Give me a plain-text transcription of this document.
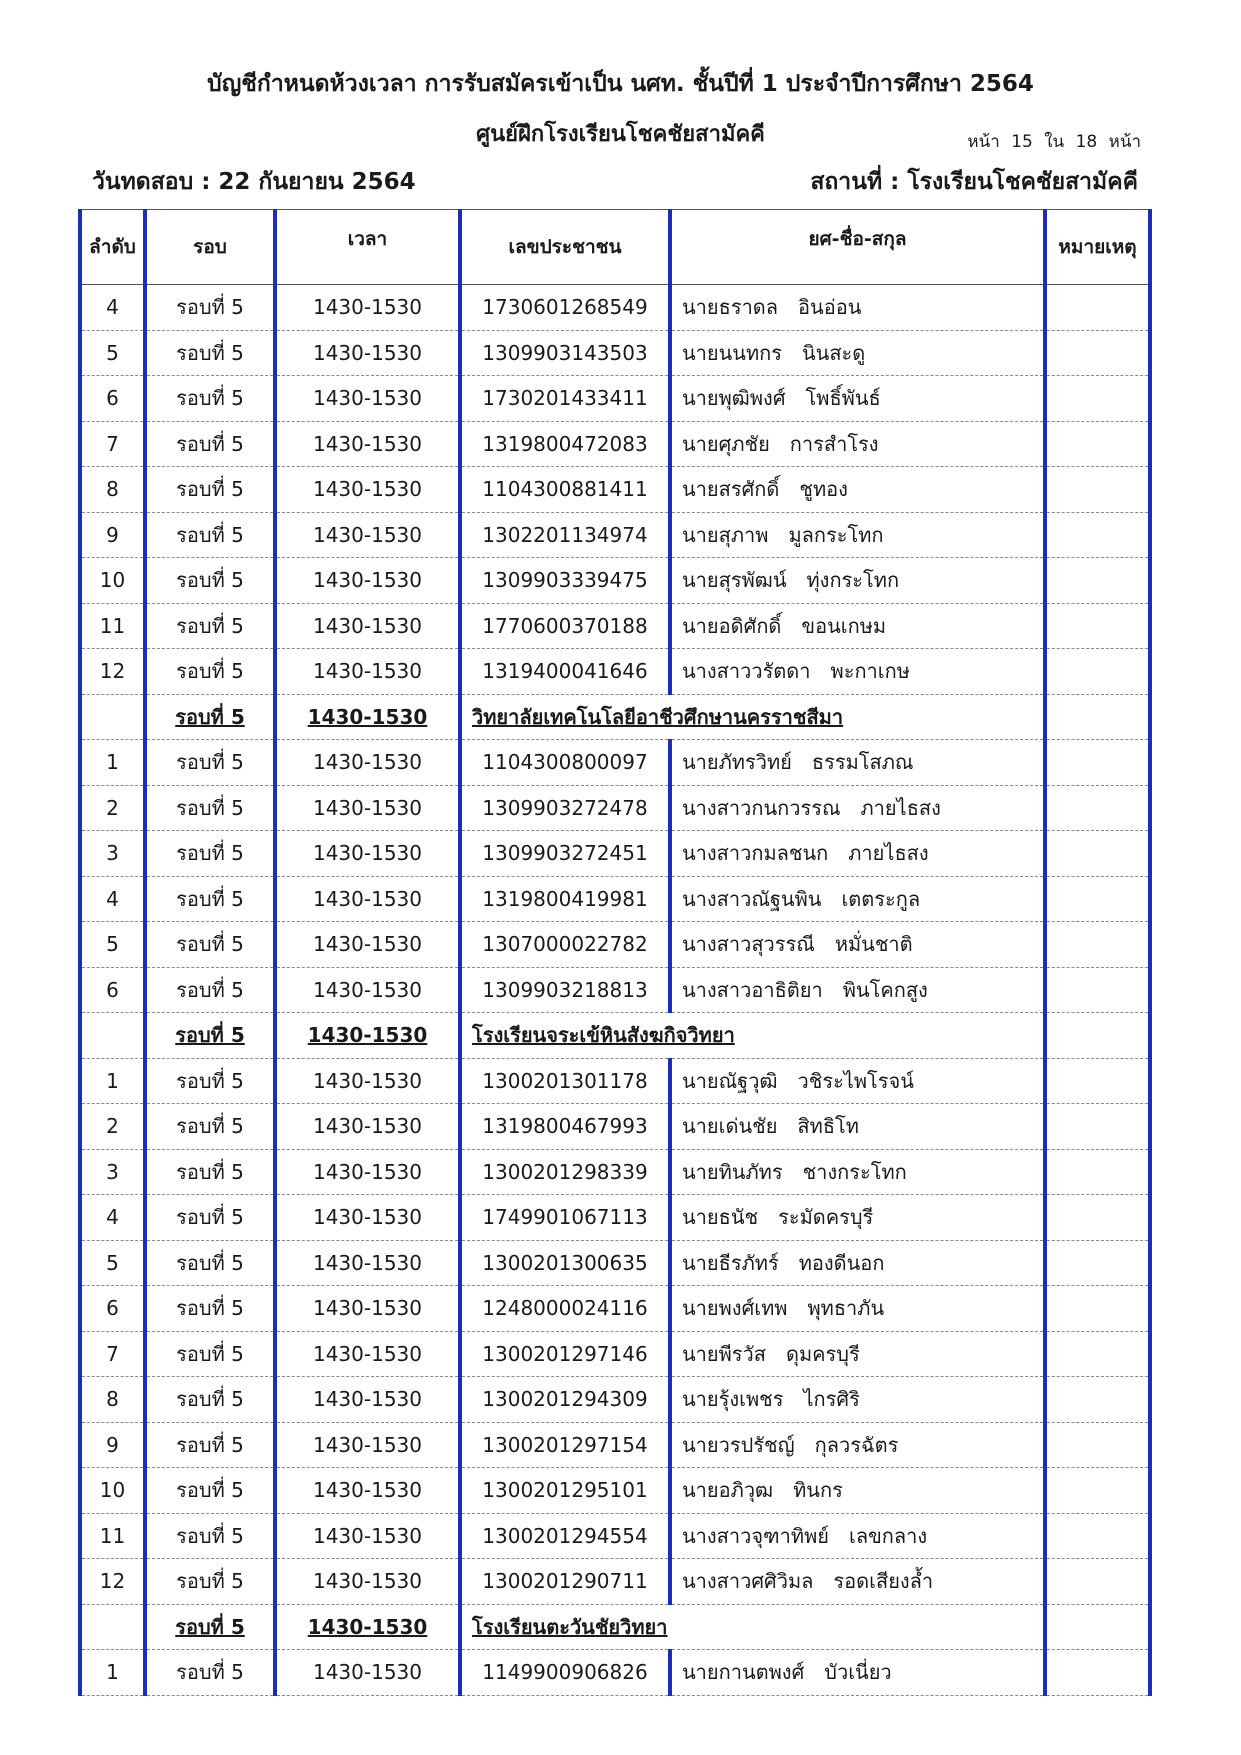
บัญชีกำหนดห้วงเวลา การรับสมัครเข้าเป็น นศท. ชั้นปีที่ 1 ประจำปีการศึกษา 2564
ศูนย์ฝึกโรงเรียนโชคชัยสามัคคี	หน้า 15 ใน 18 หน้า
วันทดสอบ : 22 กันยายน 2564	สถานที่ : โรงเรียนโชคชัยสามัคคี
ลำดับ	รอบ	เวลา	เลขประชาชน	ยศ-ชื่อ-สกุล	หมายเหตุ
4	รอบที่ 5	1430-1530	1730601268549	นายธราดล อินอ่อน	
5	รอบที่ 5	1430-1530	1309903143503	นายนนทกร นินสะดู	
6	รอบที่ 5	1430-1530	1730201433411	นายพุฒิพงศ์ โพธิ์พันธ์	
7	รอบที่ 5	1430-1530	1319800472083	นายศุภชัย การสำโรง	
8	รอบที่ 5	1430-1530	1104300881411	นายสรศักดิ์ ชูทอง	
9	รอบที่ 5	1430-1530	1302201134974	นายสุภาพ มูลกระโทก	
10	รอบที่ 5	1430-1530	1309903339475	นายสุรพัฒน์ ทุ่งกระโทก	
11	รอบที่ 5	1430-1530	1770600370188	นายอดิศักดิ์ ขอนเกษม	
12	รอบที่ 5	1430-1530	1319400041646	นางสาววรัตดา พะกาเกษ	
	รอบที่ 5	1430-1530	วิทยาลัยเทคโนโลยีอาชีวศึกษานครราชสีมา		
1	รอบที่ 5	1430-1530	1104300800097	นายภัทรวิทย์ ธรรมโสภณ	
2	รอบที่ 5	1430-1530	1309903272478	นางสาวกนกวรรณ ภายไธสง	
3	รอบที่ 5	1430-1530	1309903272451	นางสาวกมลชนก ภายไธสง	
4	รอบที่ 5	1430-1530	1319800419981	นางสาวณัฐนพิน เตตระกูล	
5	รอบที่ 5	1430-1530	1307000022782	นางสาวสุวรรณี หมั่นชาติ	
6	รอบที่ 5	1430-1530	1309903218813	นางสาวอาธิติยา พินโคกสูง	
	รอบที่ 5	1430-1530	โรงเรียนจระเข้หินสังฆกิจวิทยา		
1	รอบที่ 5	1430-1530	1300201301178	นายณัฐวุฒิ วชิระไพโรจน์	
2	รอบที่ 5	1430-1530	1319800467993	นายเด่นชัย สิทธิโท	
3	รอบที่ 5	1430-1530	1300201298339	นายทินภัทร ชางกระโทก	
4	รอบที่ 5	1430-1530	1749901067113	นายธนัช ระมัดครบุรี	
5	รอบที่ 5	1430-1530	1300201300635	นายธีรภัทร์ ทองดีนอก	
6	รอบที่ 5	1430-1530	1248000024116	นายพงศ์เทพ พุทธาภัน	
7	รอบที่ 5	1430-1530	1300201297146	นายพีรวัส ดุมครบุรี	
8	รอบที่ 5	1430-1530	1300201294309	นายรุ้งเพชร ไกรศิริ	
9	รอบที่ 5	1430-1530	1300201297154	นายวรปรัชญ์ กุลวรฉัตร	
10	รอบที่ 5	1430-1530	1300201295101	นายอภิวุฒ ทินกร	
11	รอบที่ 5	1430-1530	1300201294554	นางสาวจุฑาทิพย์ เลขกลาง	
12	รอบที่ 5	1430-1530	1300201290711	นางสาวศศิวิมล รอดเสียงล้ำ	
	รอบที่ 5	1430-1530	โรงเรียนตะวันชัยวิทยา		
1	รอบที่ 5	1430-1530	1149900906826	นายกานตพงศ์ บัวเนี่ยว	
